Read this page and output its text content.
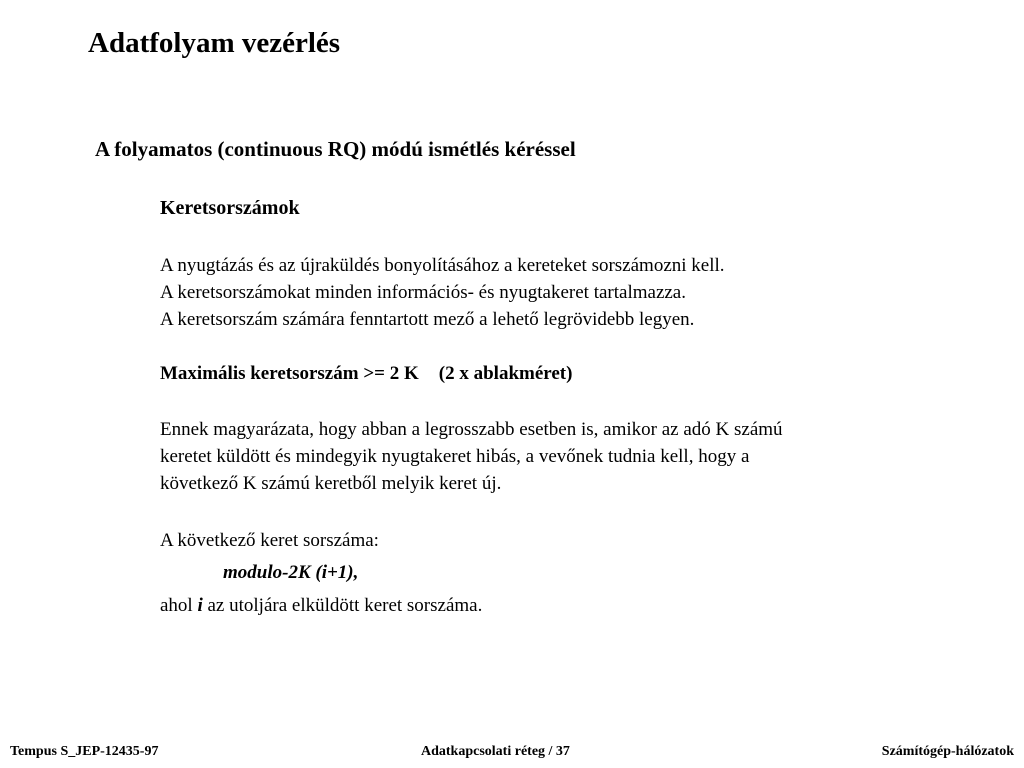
Adatfolyam vezérlés
A folyamatos (continuous RQ) módú ismétlés kéréssel
Keretsorszámok
A nyugtázás és az újraküldés bonyolításához a kereteket sorszámozni kell.
A keretsorszámokat minden információs- és nyugtakeret tartalmazza.
A keretsorszám számára fenntartott mező a lehető legrövidebb legyen.
Maximális keretsorszám >= 2 K (2 x ablakméret)
Ennek magyarázata, hogy abban a legrosszabb esetben is, amikor az adó K számú
keretet küldött és mindegyik nyugtakeret hibás, a vevőnek tudnia kell, hogy a
következő K számú keretből melyik keret új.
A következő keret sorszáma:
modulo-2K (i+1),
ahol i az utoljára elküldött keret sorszáma.
Tempus S_JEP-12435-97	Adatkapcsolati réteg / 37	Számítógép-hálózatok
